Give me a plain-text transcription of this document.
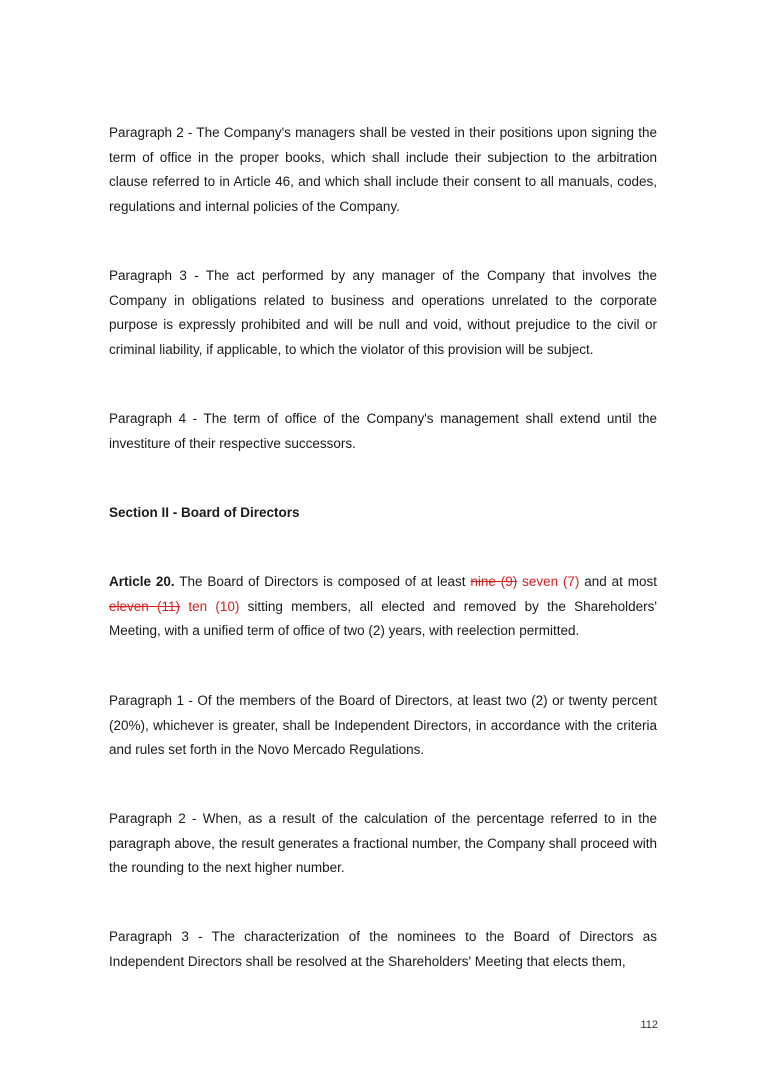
Paragraph 2 - The Company's managers shall be vested in their positions upon signing the term of office in the proper books, which shall include their subjection to the arbitration clause referred to in Article 46, and which shall include their consent to all manuals, codes, regulations and internal policies of the Company.

Paragraph 3 - The act performed by any manager of the Company that involves the Company in obligations related to business and operations unrelated to the corporate purpose is expressly prohibited and will be null and void, without prejudice to the civil or criminal liability, if applicable, to which the violator of this provision will be subject.

Paragraph 4 - The term of office of the Company's management shall extend until the investiture of their respective successors.

Section II - Board of Directors

Article 20. The Board of Directors is composed of at least nine (9) seven (7) and at most eleven (11) ten (10) sitting members, all elected and removed by the Shareholders' Meeting, with a unified term of office of two (2) years, with reelection permitted.

Paragraph 1 - Of the members of the Board of Directors, at least two (2) or twenty percent (20%), whichever is greater, shall be Independent Directors, in accordance with the criteria and rules set forth in the Novo Mercado Regulations.

Paragraph 2 - When, as a result of the calculation of the percentage referred to in the paragraph above, the result generates a fractional number, the Company shall proceed with the rounding to the next higher number.

Paragraph 3 - The characterization of the nominees to the Board of Directors as Independent Directors shall be resolved at the Shareholders' Meeting that elects them,

112
